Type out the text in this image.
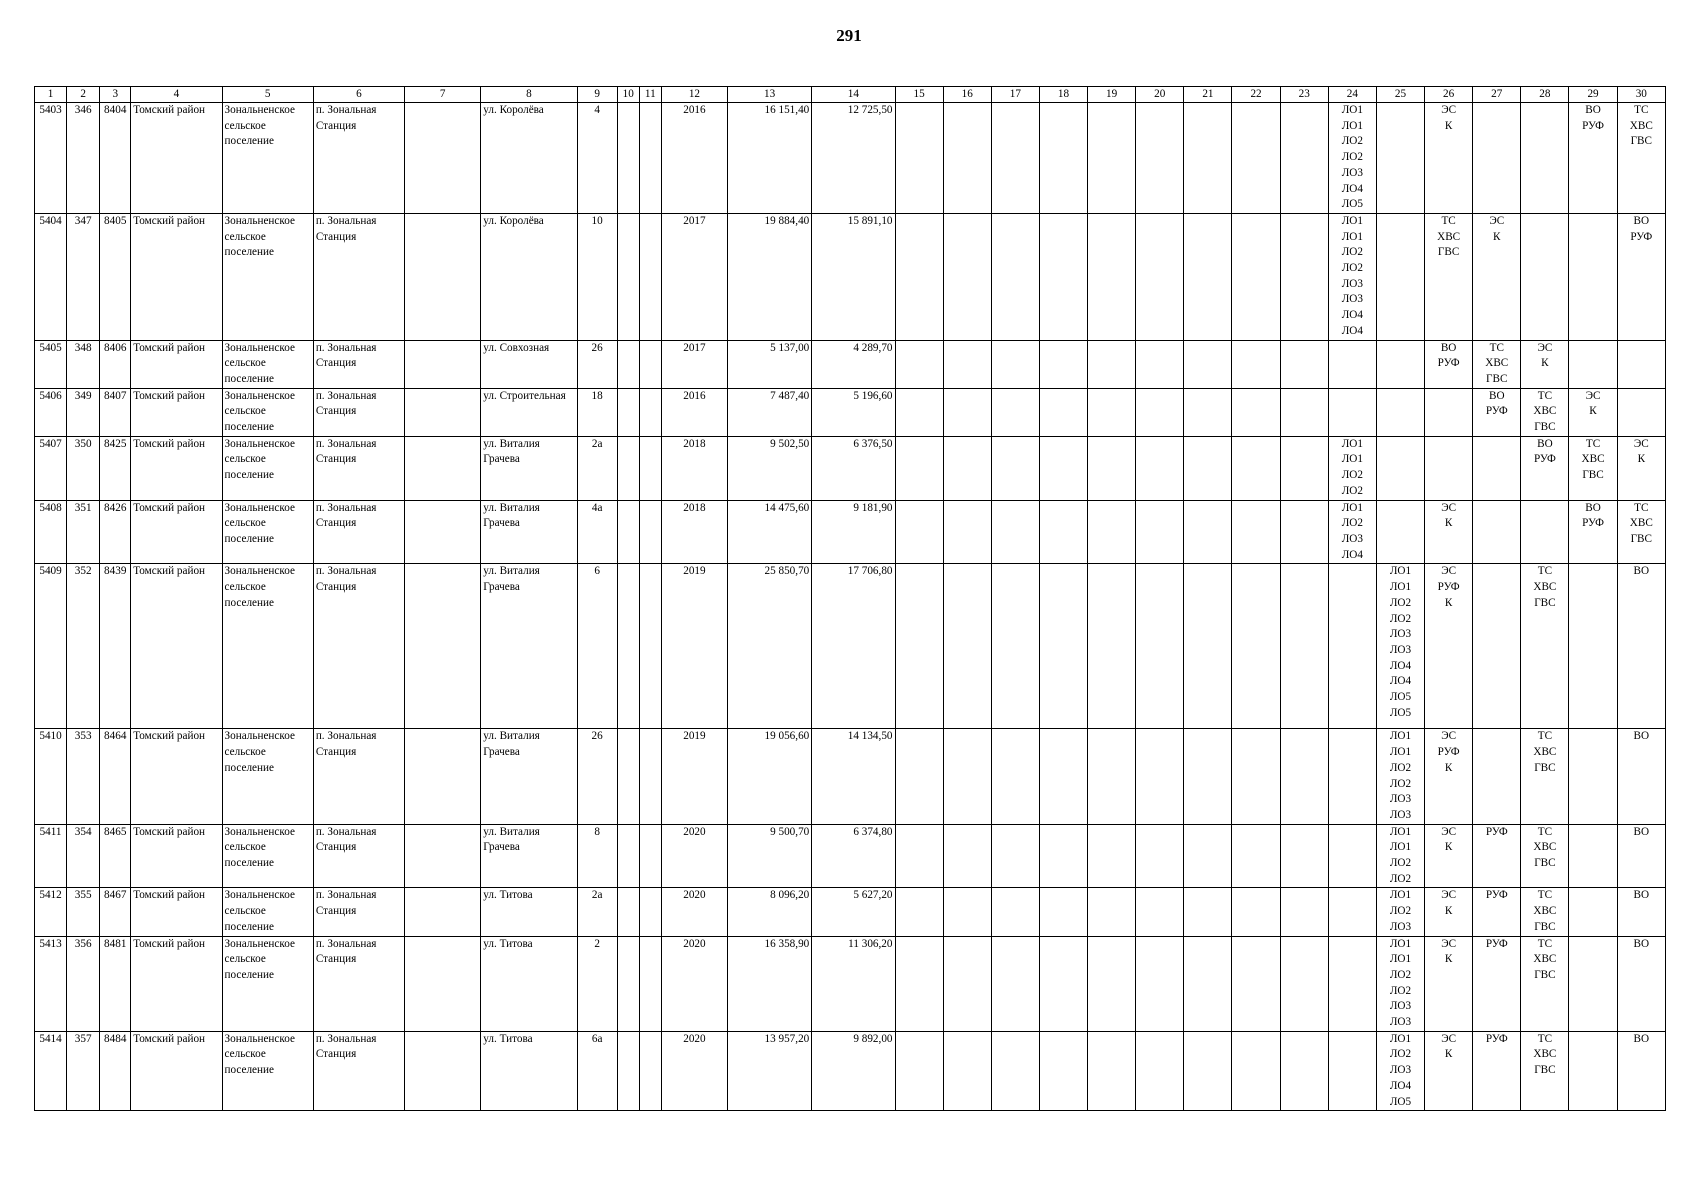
291
1	2	3	4	5	6	7	8	9	10	11	12	13	14	15	16	17	18	19	20	21	22	23	24	25	26	27	28	29	30
5403	346	8404	Томский район	Зональненское сельское поселение	п. Зональная Станция		ул. Королёва	4			2016	16 151,40	12 725,50										ЛО1 ЛО1 ЛО2 ЛО2 ЛО3 ЛО4 ЛО5		ЭС К			ВО РУФ	ТС ХВС ГВС
5404	347	8405	Томский район	Зональненское сельское поселение	п. Зональная Станция		ул. Королёва	10			2017	19 884,40	15 891,10										ЛО1 ЛО1 ЛО2 ЛО2 ЛО3 ЛО3 ЛО4 ЛО4		ТС ХВС ГВС	ЭС К			ВО РУФ
5405	348	8406	Томский район	Зональненское сельское поселение	п. Зональная Станция		ул. Совхозная	26			2017	5 137,00	4 289,70												ВО РУФ	ТС ХВС ГВС	ЭС К		
5406	349	8407	Томский район	Зональненское сельское поселение	п. Зональная Станция		ул. Строительная	18			2016	7 487,40	5 196,60													ВО РУФ	ТС ХВС ГВС	ЭС К	
5407	350	8425	Томский район	Зональненское сельское поселение	п. Зональная Станция		ул. Виталия Грачева	2а			2018	9 502,50	6 376,50										ЛО1 ЛО1 ЛО2 ЛО2				ВО РУФ	ТС ХВС ГВС	ЭС К
5408	351	8426	Томский район	Зональненское сельское поселение	п. Зональная Станция		ул. Виталия Грачева	4а			2018	14 475,60	9 181,90										ЛО1 ЛО2 ЛО3 ЛО4		ЭС К			ВО РУФ	ТС ХВС ГВС
5409	352	8439	Томский район	Зональненское сельское поселение	п. Зональная Станция		ул. Виталия Грачева	6			2019	25 850,70	17 706,80											ЛО1 ЛО1 ЛО2 ЛО2 ЛО3 ЛО3 ЛО4 ЛО4 ЛО5 ЛО5	ЭС РУФ К		ТС ХВС ГВС		ВО
5410	353	8464	Томский район	Зональненское сельское поселение	п. Зональная Станция		ул. Виталия Грачева	26			2019	19 056,60	14 134,50											ЛО1 ЛО1 ЛО2 ЛО2 ЛО3 ЛО3	ЭС РУФ К		ТС ХВС ГВС		ВО
5411	354	8465	Томский район	Зональненское сельское поселение	п. Зональная Станция		ул. Виталия Грачева	8			2020	9 500,70	6 374,80											ЛО1 ЛО1 ЛО2 ЛО2	ЭС К	РУФ	ТС ХВС ГВС		ВО
5412	355	8467	Томский район	Зональненское сельское поселение	п. Зональная Станция		ул. Титова	2а			2020	8 096,20	5 627,20											ЛО1 ЛО2 ЛО3	ЭС К	РУФ	ТС ХВС ГВС		ВО
5413	356	8481	Томский район	Зональненское сельское поселение	п. Зональная Станция		ул. Титова	2			2020	16 358,90	11 306,20											ЛО1 ЛО1 ЛО2 ЛО2 ЛО3 ЛО3	ЭС К	РУФ	ТС ХВС ГВС		ВО
5414	357	8484	Томский район	Зональненское сельское поселение	п. Зональная Станция		ул. Титова	6а			2020	13 957,20	9 892,00											ЛО1 ЛО2 ЛО3 ЛО4 ЛО5	ЭС К	РУФ	ТС ХВС ГВС		ВО
